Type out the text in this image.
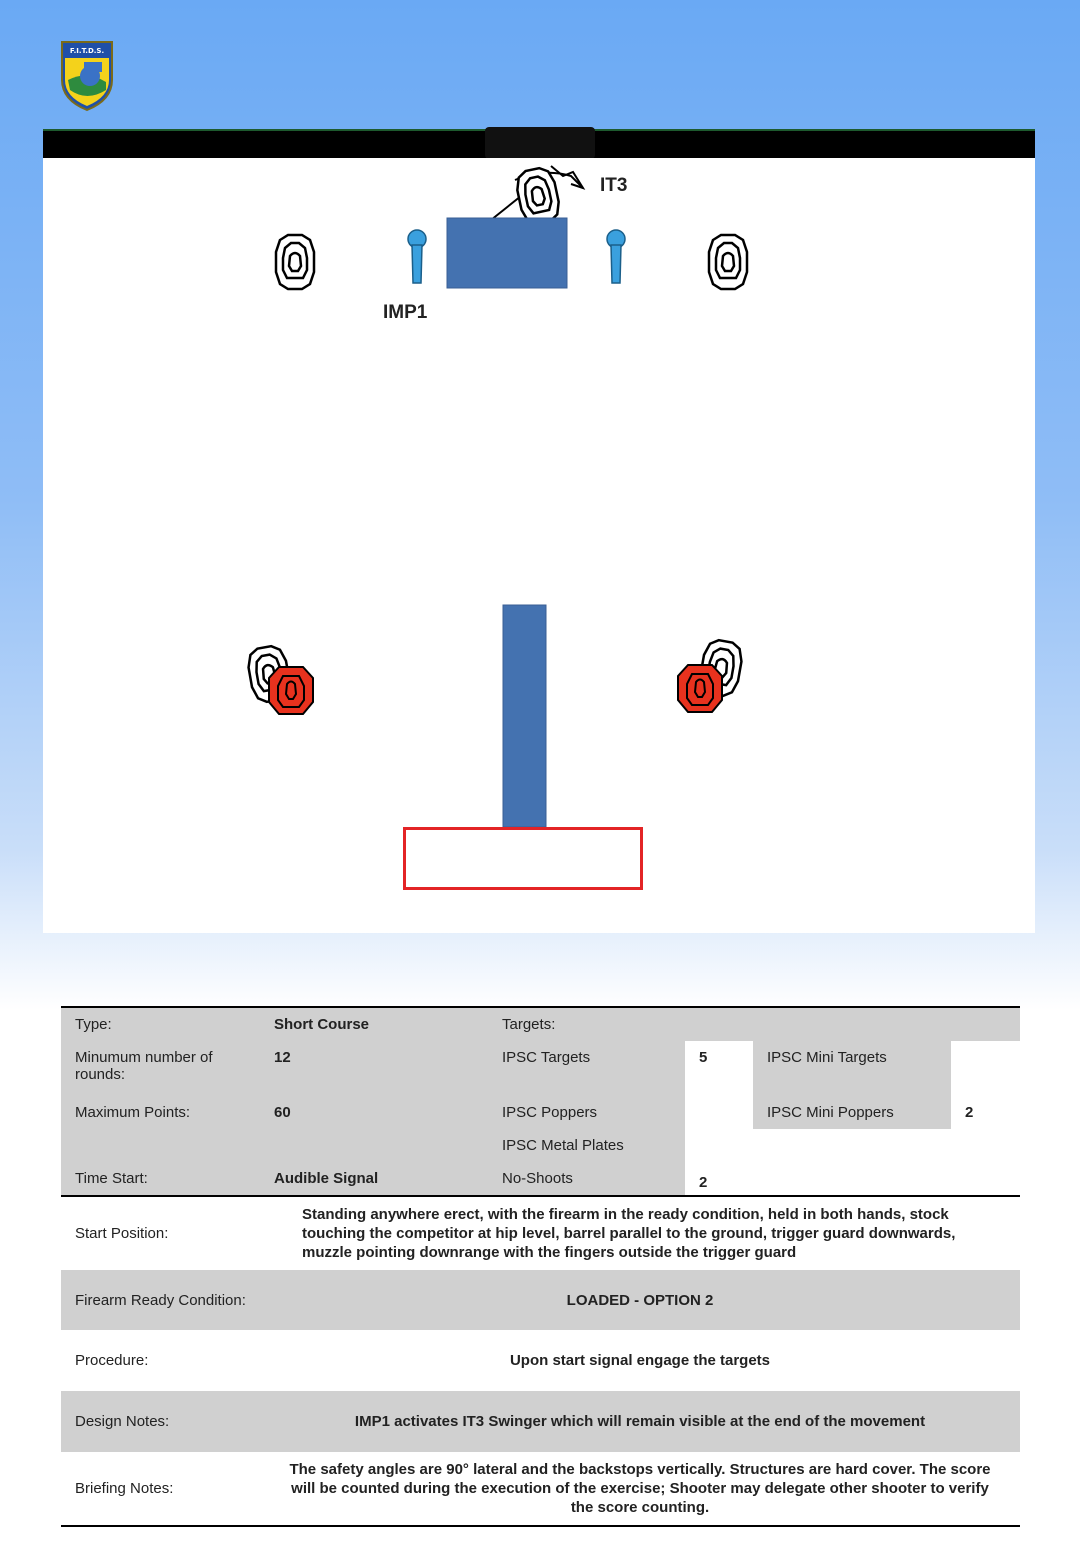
F.I.T.D.S.
IT3
IMP1
Type:	Short Course	Targets:			
Minumum number of rounds:	12	IPSC Targets	5	IPSC Mini Targets	
Maximum Points:	60	IPSC Poppers		IPSC Mini Poppers	2
		IPSC Metal Plates			
Time Start:	Audible Signal	No-Shoots	2		
Start Position:	Standing anywhere erect, with the firearm in the ready condition, held in both hands, stock touching the competitor at hip level, barrel parallel to the ground, trigger guard downwards, muzzle pointing downrange with the fingers outside the trigger guard				
Firearm Ready Condition:	LOADED - OPTION 2				
Procedure:	Upon start signal engage the targets				
Design Notes:	IMP1 activates IT3 Swinger which will remain visible at the end of the movement				
Briefing Notes:	The safety angles are 90° lateral and the backstops vertically. Structures are hard cover. The score will be counted during the execution of the exercise; Shooter may delegate other shooter to verify the score counting.				
